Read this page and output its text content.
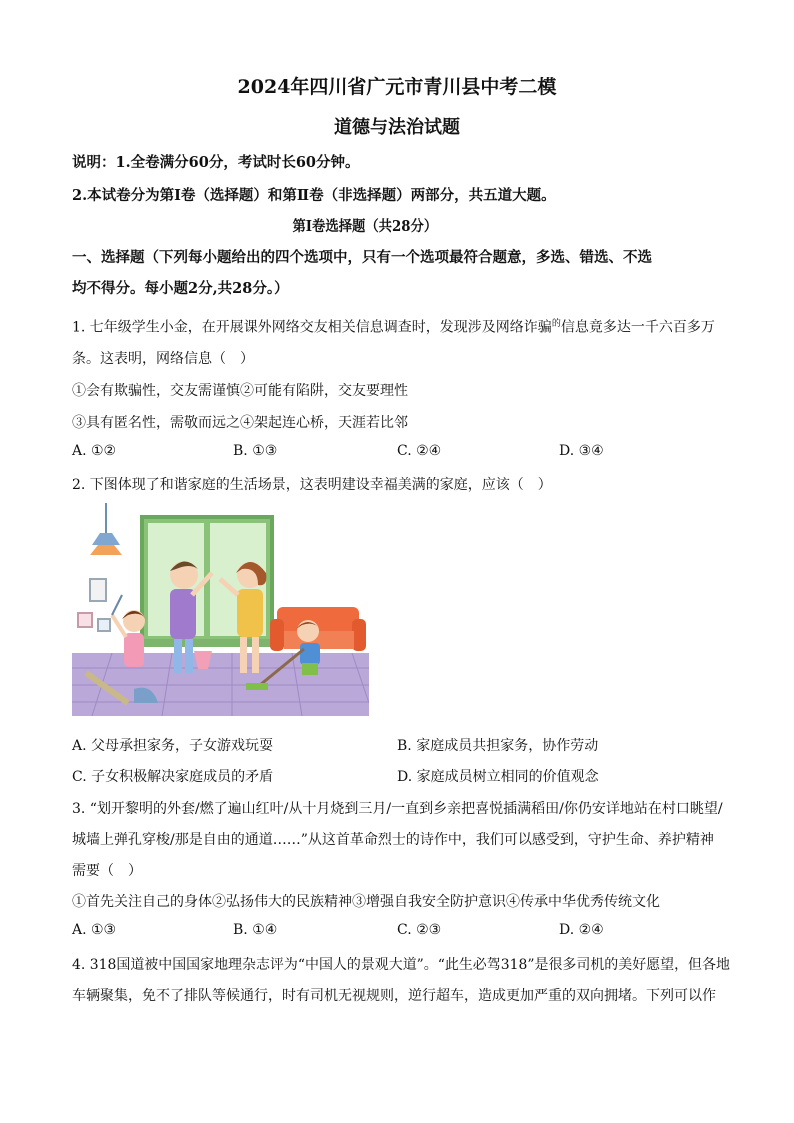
2024年四川省广元市青川县中考二模
道德与法治试题
说明：1.全卷满分60分，考试时长60分钟。
2.本试卷分为第Ⅰ卷（选择题）和第Ⅱ卷（非选择题）两部分，共五道大题。
第Ⅰ卷选择题（共28分）
一、选择题（下列每小题给出的四个选项中，只有一个选项最符合题意，多选、错选、不选
均不得分。每小题2分,共28分。）
1. 七年级学生小金，在开展课外网络交友相关信息调查时，发现涉及网络诈骗$^的$信息竟多达一千六百多万
条。这表明，网络信息（　）
①会有欺骗性，交友需谨慎②可能有陷阱，交友要理性
③具有匿名性，需敬而远之④架起连心桥，天涯若比邻
A. ①②	B. ①③	C. ②④	D. ③④
2. 下图体现了和谐家庭的生活场景，这表明建设幸福美满的家庭，应该（　）
A. 父母承担家务，子女游戏玩耍	B. 家庭成员共担家务，协作劳动
C. 子女积极解决家庭成员的矛盾	D. 家庭成员树立相同的价值观念
3. “划开黎明的外套/燃了遍山红叶/从十月烧到三月/一直到乡亲把喜悦插满稻田/你仍安详地站在村口眺望/
城墙上弹孔穿梭/那是自由的通道……”从这首革命烈士的诗作中，我们可以感受到，守护生命、养护精神
需要（　）
①首先关注自己的身体②弘扬伟大的民族精神③增强自我安全防护意识④传承中华优秀传统文化
A. ①③	B. ①④	C. ②③	D. ②④
4. 318国道被中国国家地理杂志评为“中国人的景观大道”。“此生必驾318”是很多司机的美好愿望，但各地
车辆聚集，免不了排队等候通行，时有司机无视规则，逆行超车，造成更加严重的双向拥堵。下列可以作
